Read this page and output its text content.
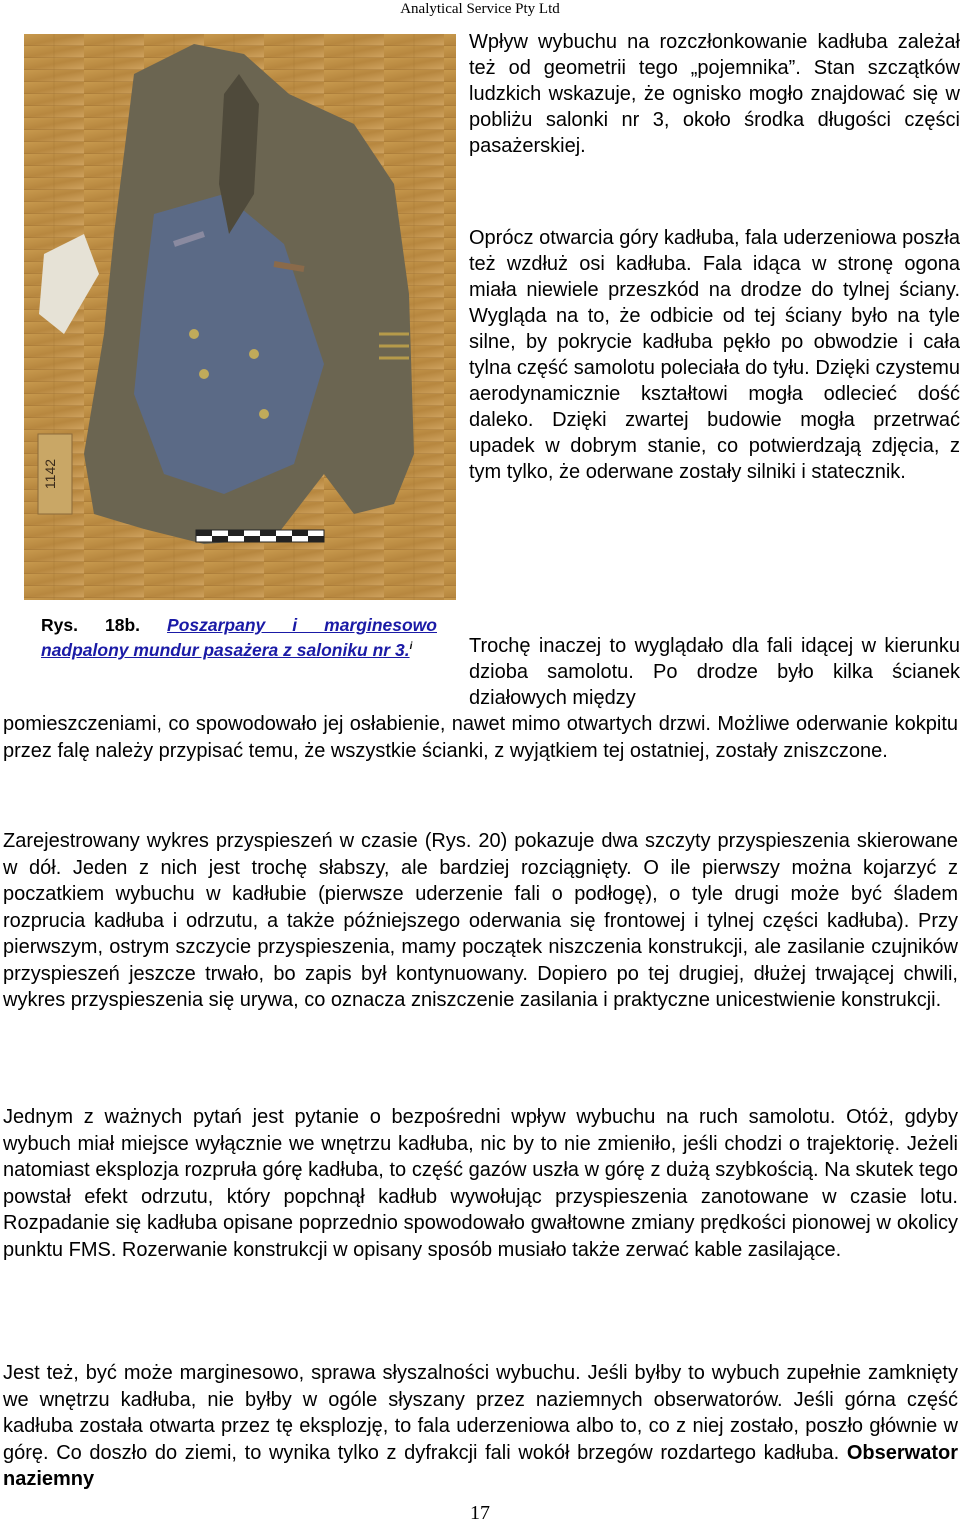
Analytical Service Pty Ltd
1142
Rys. 18b. Poszarpany i marginesowo nadpalony mundur pasażera z saloniku nr 3.$^i$
Wpływ wybuchu na rozczłonkowanie kadłuba zależał też od geometrii tego „pojemnika”. Stan szczątków ludzkich wskazuje, że ognisko mogło znajdować się w pobliżu salonki nr 3, około środka długości części pasażerskiej.
Oprócz otwarcia góry kadłuba, fala uderzeniowa poszła też wzdłuż osi kadłuba. Fala idąca w stronę ogona miała niewiele przeszkód na drodze do tylnej ściany. Wygląda na to, że odbicie od tej ściany było na tyle silne, by pokrycie kadłuba pękło po obwodzie i cała tylna część samolotu poleciała do tyłu. Dzięki czystemu aerodynamicznie kształtowi mogła odlecieć dość daleko. Dzięki zwartej budowie mogła przetrwać upadek w dobrym stanie, co potwierdzają zdjęcia, z tym tylko, że oderwane zostały silniki i statecznik.
Trochę inaczej to wyglądało dla fali idącej w kierunku dzioba samolotu. Po drodze było kilka ścianek działowych między
pomieszczeniami, co spowodowało jej osłabienie, nawet mimo otwartych drzwi. Możliwe oderwanie kokpitu przez falę należy przypisać temu, że wszystkie ścianki, z wyjątkiem tej ostatniej, zostały zniszczone.
Zarejestrowany wykres przyspieszeń w czasie (Rys. 20) pokazuje dwa szczyty przyspieszenia skierowane w dół. Jeden z nich jest trochę słabszy, ale bardziej rozciągnięty. O ile pierwszy można kojarzyć z poczatkiem wybuchu w kadłubie (pierwsze uderzenie fali o podłogę), o tyle drugi może być śladem rozprucia kadłuba i odrzutu, a także późniejszego oderwania się frontowej i tylnej części kadłuba). Przy pierwszym, ostrym szczycie przyspieszenia, mamy początek niszczenia konstrukcji, ale zasilanie czujników przyspieszeń jeszcze trwało, bo zapis był kontynuowany. Dopiero po tej drugiej, dłużej trwającej chwili, wykres przyspieszenia się urywa, co oznacza zniszczenie zasilania i praktyczne unicestwienie konstrukcji.
Jednym z ważnych pytań jest pytanie o bezpośredni wpływ wybuchu na ruch samolotu. Otóż, gdyby wybuch miał miejsce wyłącznie we wnętrzu kadłuba, nic by to nie zmieniło, jeśli chodzi o trajektorię. Jeżeli natomiast eksplozja rozpruła górę kadłuba, to część gazów uszła w górę z dużą szybkością. Na skutek tego powstał efekt odrzutu, który popchnął kadłub wywołując przyspieszenia zanotowane w czasie lotu. Rozpadanie się kadłuba opisane poprzednio spowodowało gwałtowne zmiany prędkości pionowej w okolicy punktu FMS. Rozerwanie konstrukcji w opisany sposób musiało także zerwać kable zasilające.
Jest też, być może marginesowo, sprawa słyszalności wybuchu. Jeśli byłby to wybuch zupełnie zamknięty we wnętrzu kadłuba, nie byłby w ogóle słyszany przez naziemnych obserwatorów. Jeśli górna część kadłuba została otwarta przez tę eksplozję, to fala uderzeniowa albo to, co z niej zostało, poszło głównie w górę. Co doszło do ziemi, to wynika tylko z dyfrakcji fali wokół brzegów rozdartego kadłuba. Obserwator naziemny
17
